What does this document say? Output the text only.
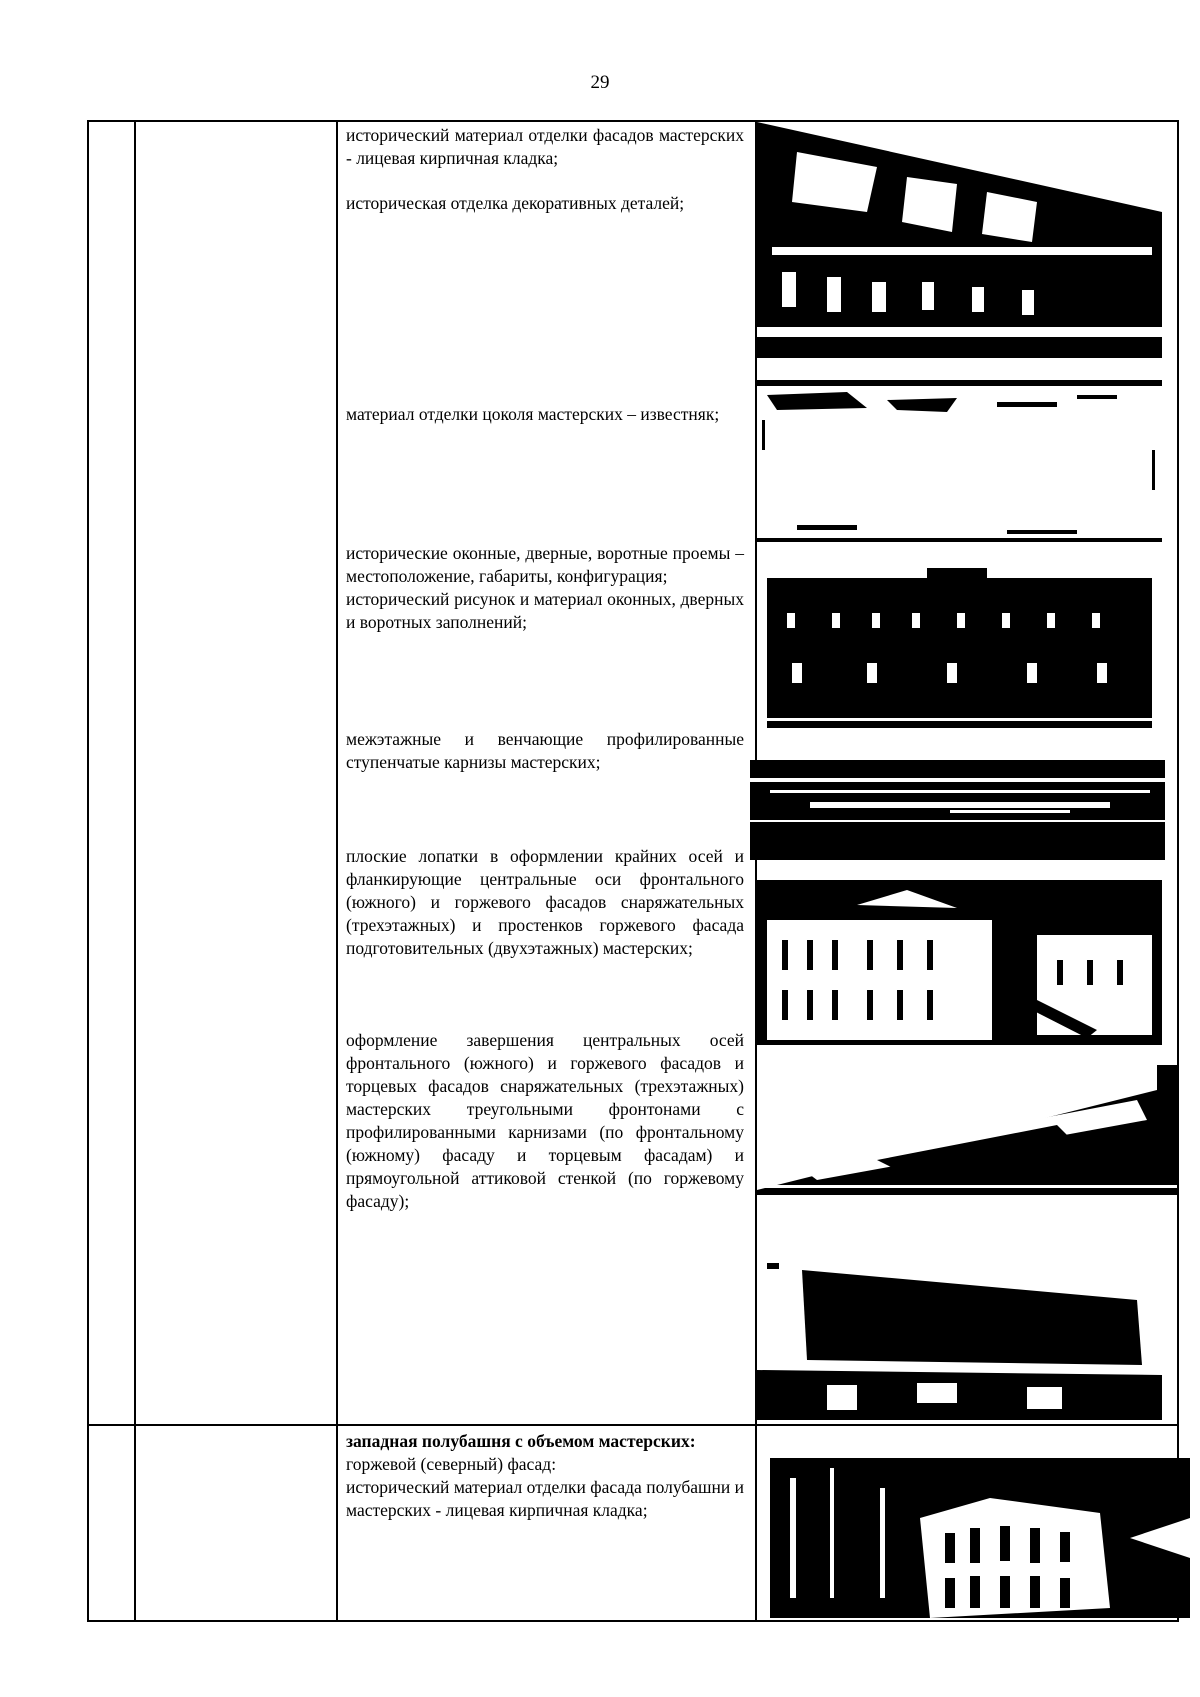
29

исторический материал отделки фасадов мастерских - лицевая кирпичная кладка;

историческая отделка декоративных деталей;

материал отделки цоколя мастерских – известняк;

исторические оконные, дверные, воротные проемы –местоположение, габариты, конфигурация;

исторический рисунок и материал оконных, дверных и воротных заполнений;

межэтажные и венчающие профилированные ступенчатые карнизы мастерских;

плоские лопатки в оформлении крайних осей и фланкирующие центральные оси фронтального (южного) и горжевого фасадов снаряжательных (трехэтажных) и простенков горжевого фасада подготовительных (двухэтажных) мастерских;

оформление завершения центральных осей фронтального (южного) и горжевого фасадов и торцевых фасадов снаряжательных (трехэтажных) мастерских треугольными фронтонами с профилированными карнизами (по фронтальному (южному) фасаду и торцевым фасадам) и прямоугольной аттиковой стенкой (по горжевому фасаду);

западная полубашня с объемом мастерских:

горжевой (северный) фасад:

исторический материал отделки фасада полубашни и мастерских - лицевая кирпичная кладка;
